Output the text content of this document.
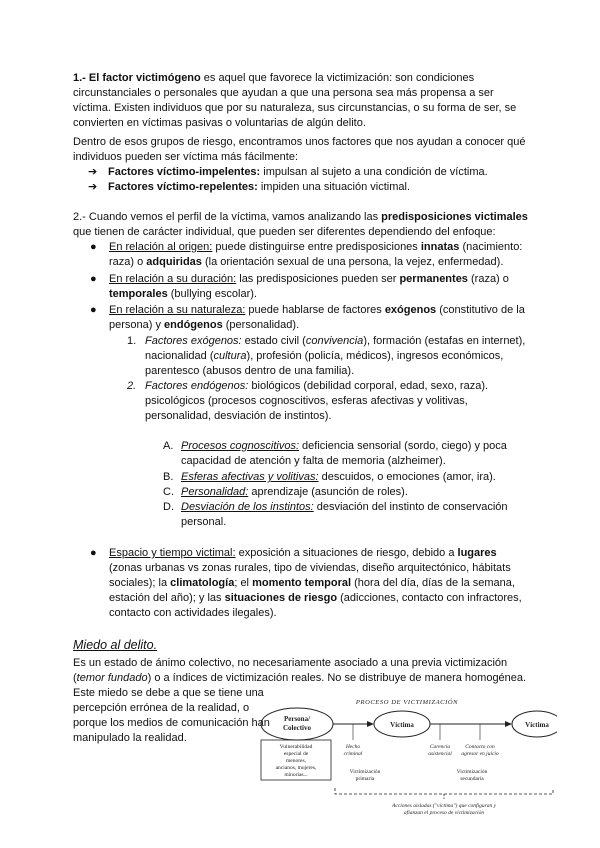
1.- El factor victimógeno es aquel que favorece la victimización: son condiciones circunstanciales o personales que ayudan a que una persona sea más propensa a ser víctima. Existen individuos que por su naturaleza, sus circunstancias, o su forma de ser, se convierten en víctimas pasivas o voluntarias de algún delito.

Dentro de esos grupos de riesgo, encontramos unos factores que nos ayudan a conocer qué individuos pueden ser víctima más fácilmente:

➔ Factores víctimo-impelentes: impulsan al sujeto a una condición de víctima.
➔ Factores víctimo-repelentes: impiden una situación victimal.

2.- Cuando vemos el perfil de la víctima, vamos analizando las predisposiciones victimales que tienen de carácter individual, que pueden ser diferentes dependiendo del enfoque:

● En relación al origen: puede distinguirse entre predisposiciones innatas (nacimiento: raza) o adquiridas (la orientación sexual de una persona, la vejez, enfermedad).

● En relación a su duración: las predisposiciones pueden ser permanentes (raza) o temporales (bullying escolar).

● En relación a su naturaleza: puede hablarse de factores exógenos (constitutivo de la persona) y endógenos (personalidad).

1. Factores exógenos: estado civil (convivencia), formación (estafas en internet), nacionalidad (cultura), profesión (policía, médicos), ingresos económicos, parentesco (abusos dentro de una familia).

2. Factores endógenos: biológicos (debilidad corporal, edad, sexo, raza). psicológicos (procesos cognoscitivos, esferas afectivas y volitivas, personalidad, desviación de instintos).

A. Procesos cognoscitivos: deficiencia sensorial (sordo, ciego) y poca capacidad de atención y falta de memoria (alzheimer).

B. Esferas afectivas y volitivas: descuidos, o emociones (amor, ira).

C. Personalidad: aprendizaje (asunción de roles).

D. Desviación de los instintos: desviación del instinto de conservación personal.

● Espacio y tiempo victimal: exposición a situaciones de riesgo, debido a lugares (zonas urbanas vs zonas rurales, tipo de viviendas, diseño arquitectónico, hábitats sociales); la climatología; el momento temporal (hora del día, días de la semana, estación del año); y las situaciones de riesgo (adicciones, contacto con infractores, contacto con actividades ilegales).

Miedo al delito.

Es un estado de ánimo colectivo, no necesariamente asociado a una previa victimización (temor fundado) o a índices de victimización reales. No se distribuye de manera homogénea.

Este miedo se debe a que se tiene una percepción errónea de la realidad, o porque los medios de comunicación han manipulado la realidad.

PROCESO DE VICTIMIZACIÓN
Persona/
Colectivo	Víctima	Víctima
Vulnerabilidad
especial de
menores,
ancianos, mujeres,
minorías...
Hecho
criminal
Carencia
asistencial
Contacto con
agresor en juicio
Victimización
primaria
Victimización
secundaria
Acciones aisladas ("víctima") que configuran y
afianzan el proceso de victimización
